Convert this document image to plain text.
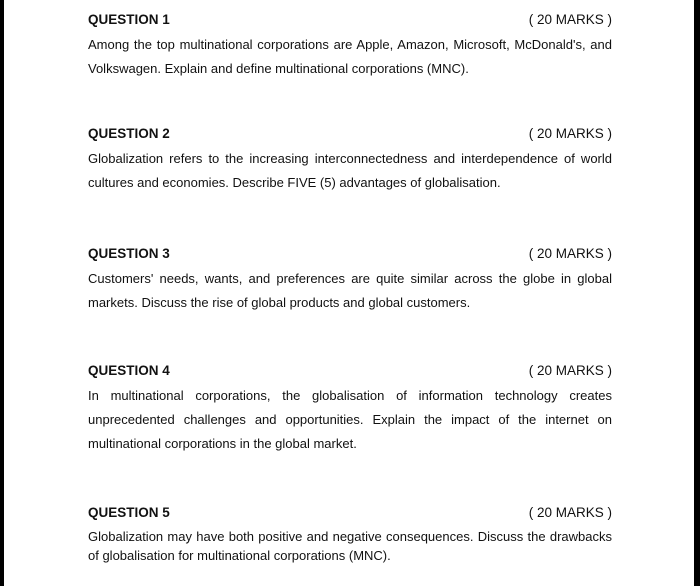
QUESTION 1	( 20 MARKS )
Among the top multinational corporations are Apple, Amazon, Microsoft, McDonald's, and Volkswagen. Explain and define multinational corporations (MNC).
QUESTION 2	( 20 MARKS )
Globalization refers to the increasing interconnectedness and interdependence of world cultures and economies. Describe FIVE (5) advantages of globalisation.
QUESTION 3	( 20 MARKS )
Customers' needs, wants, and preferences are quite similar across the globe in global markets. Discuss the rise of global products and global customers.
QUESTION 4	( 20 MARKS )
In multinational corporations, the globalisation of information technology creates unprecedented challenges and opportunities. Explain the impact of the internet on multinational corporations in the global market.
QUESTION 5	( 20 MARKS )
Globalization may have both positive and negative consequences. Discuss the drawbacks of globalisation for multinational corporations (MNC).
